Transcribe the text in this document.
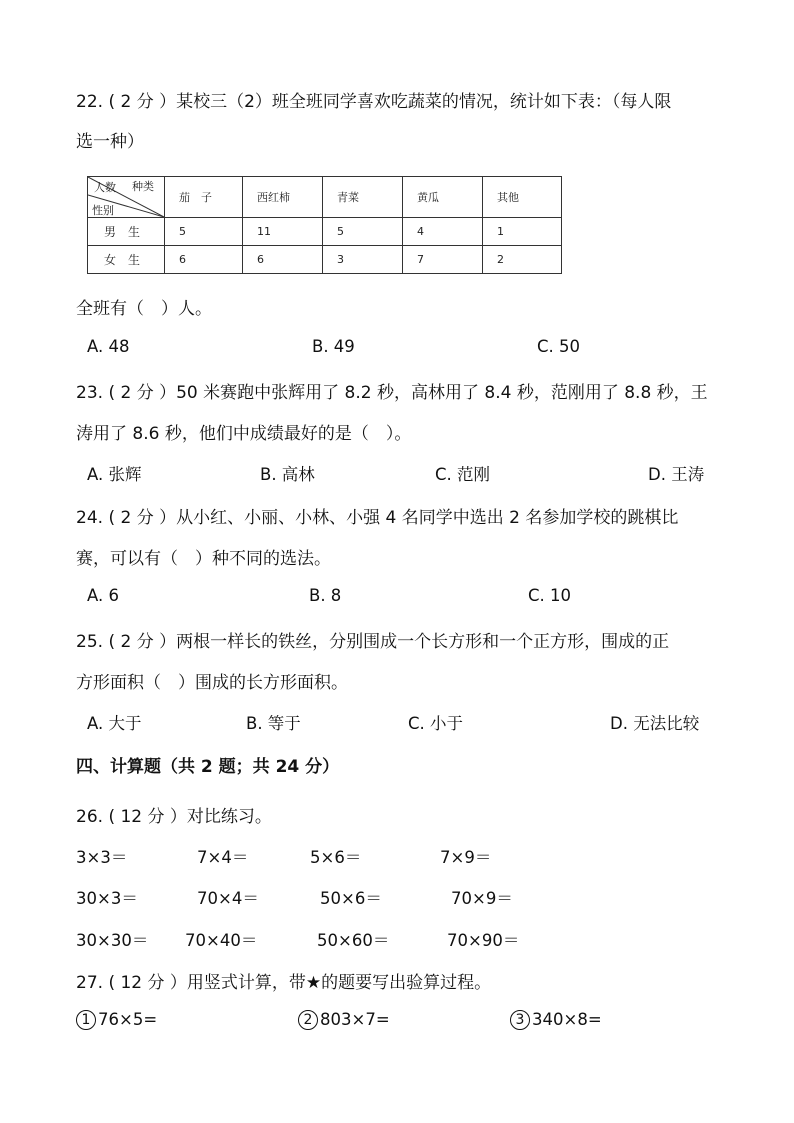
22. ( 2 分 ）某校三（2）班全班同学喜欢吃蔬菜的情况，统计如下表：（每人限
选一种）
人数 种类
性别	茄　子	西红柿	青菜	黄瓜	其他
男　生	5	11	5	4	1
女　生	6	6	3	7	2
全班有（　）人。
A. 48	B. 49	C. 50
23. ( 2 分 ）50 米赛跑中张辉用了 8.2 秒，高林用了 8.4 秒，范刚用了 8.8 秒，王
涛用了 8.6 秒，他们中成绩最好的是（　）。
A. 张辉	B. 高林	C. 范刚	D. 王涛
24. ( 2 分 ）从小红、小丽、小林、小强 4 名同学中选出 2 名参加学校的跳棋比
赛，可以有（　）种不同的选法。
A. 6	B. 8	C. 10
25. ( 2 分 ）两根一样长的铁丝，分别围成一个长方形和一个正方形，围成的正
方形面积（　）围成的长方形面积。
A. 大于	B. 等于	C. 小于	D. 无法比较
四、计算题（共 2 题；共 24 分）
26. ( 12 分 ）对比练习。
3×3＝	7×4＝	5×6＝	7×9＝
30×3＝	70×4＝	50×6＝	70×9＝
30×30＝ 70×40＝	50×60＝	70×90＝
27. ( 12 分 ）用竖式计算，带★的题要写出验算过程。
1 76×5=	2 803×7=	3 340×8=
